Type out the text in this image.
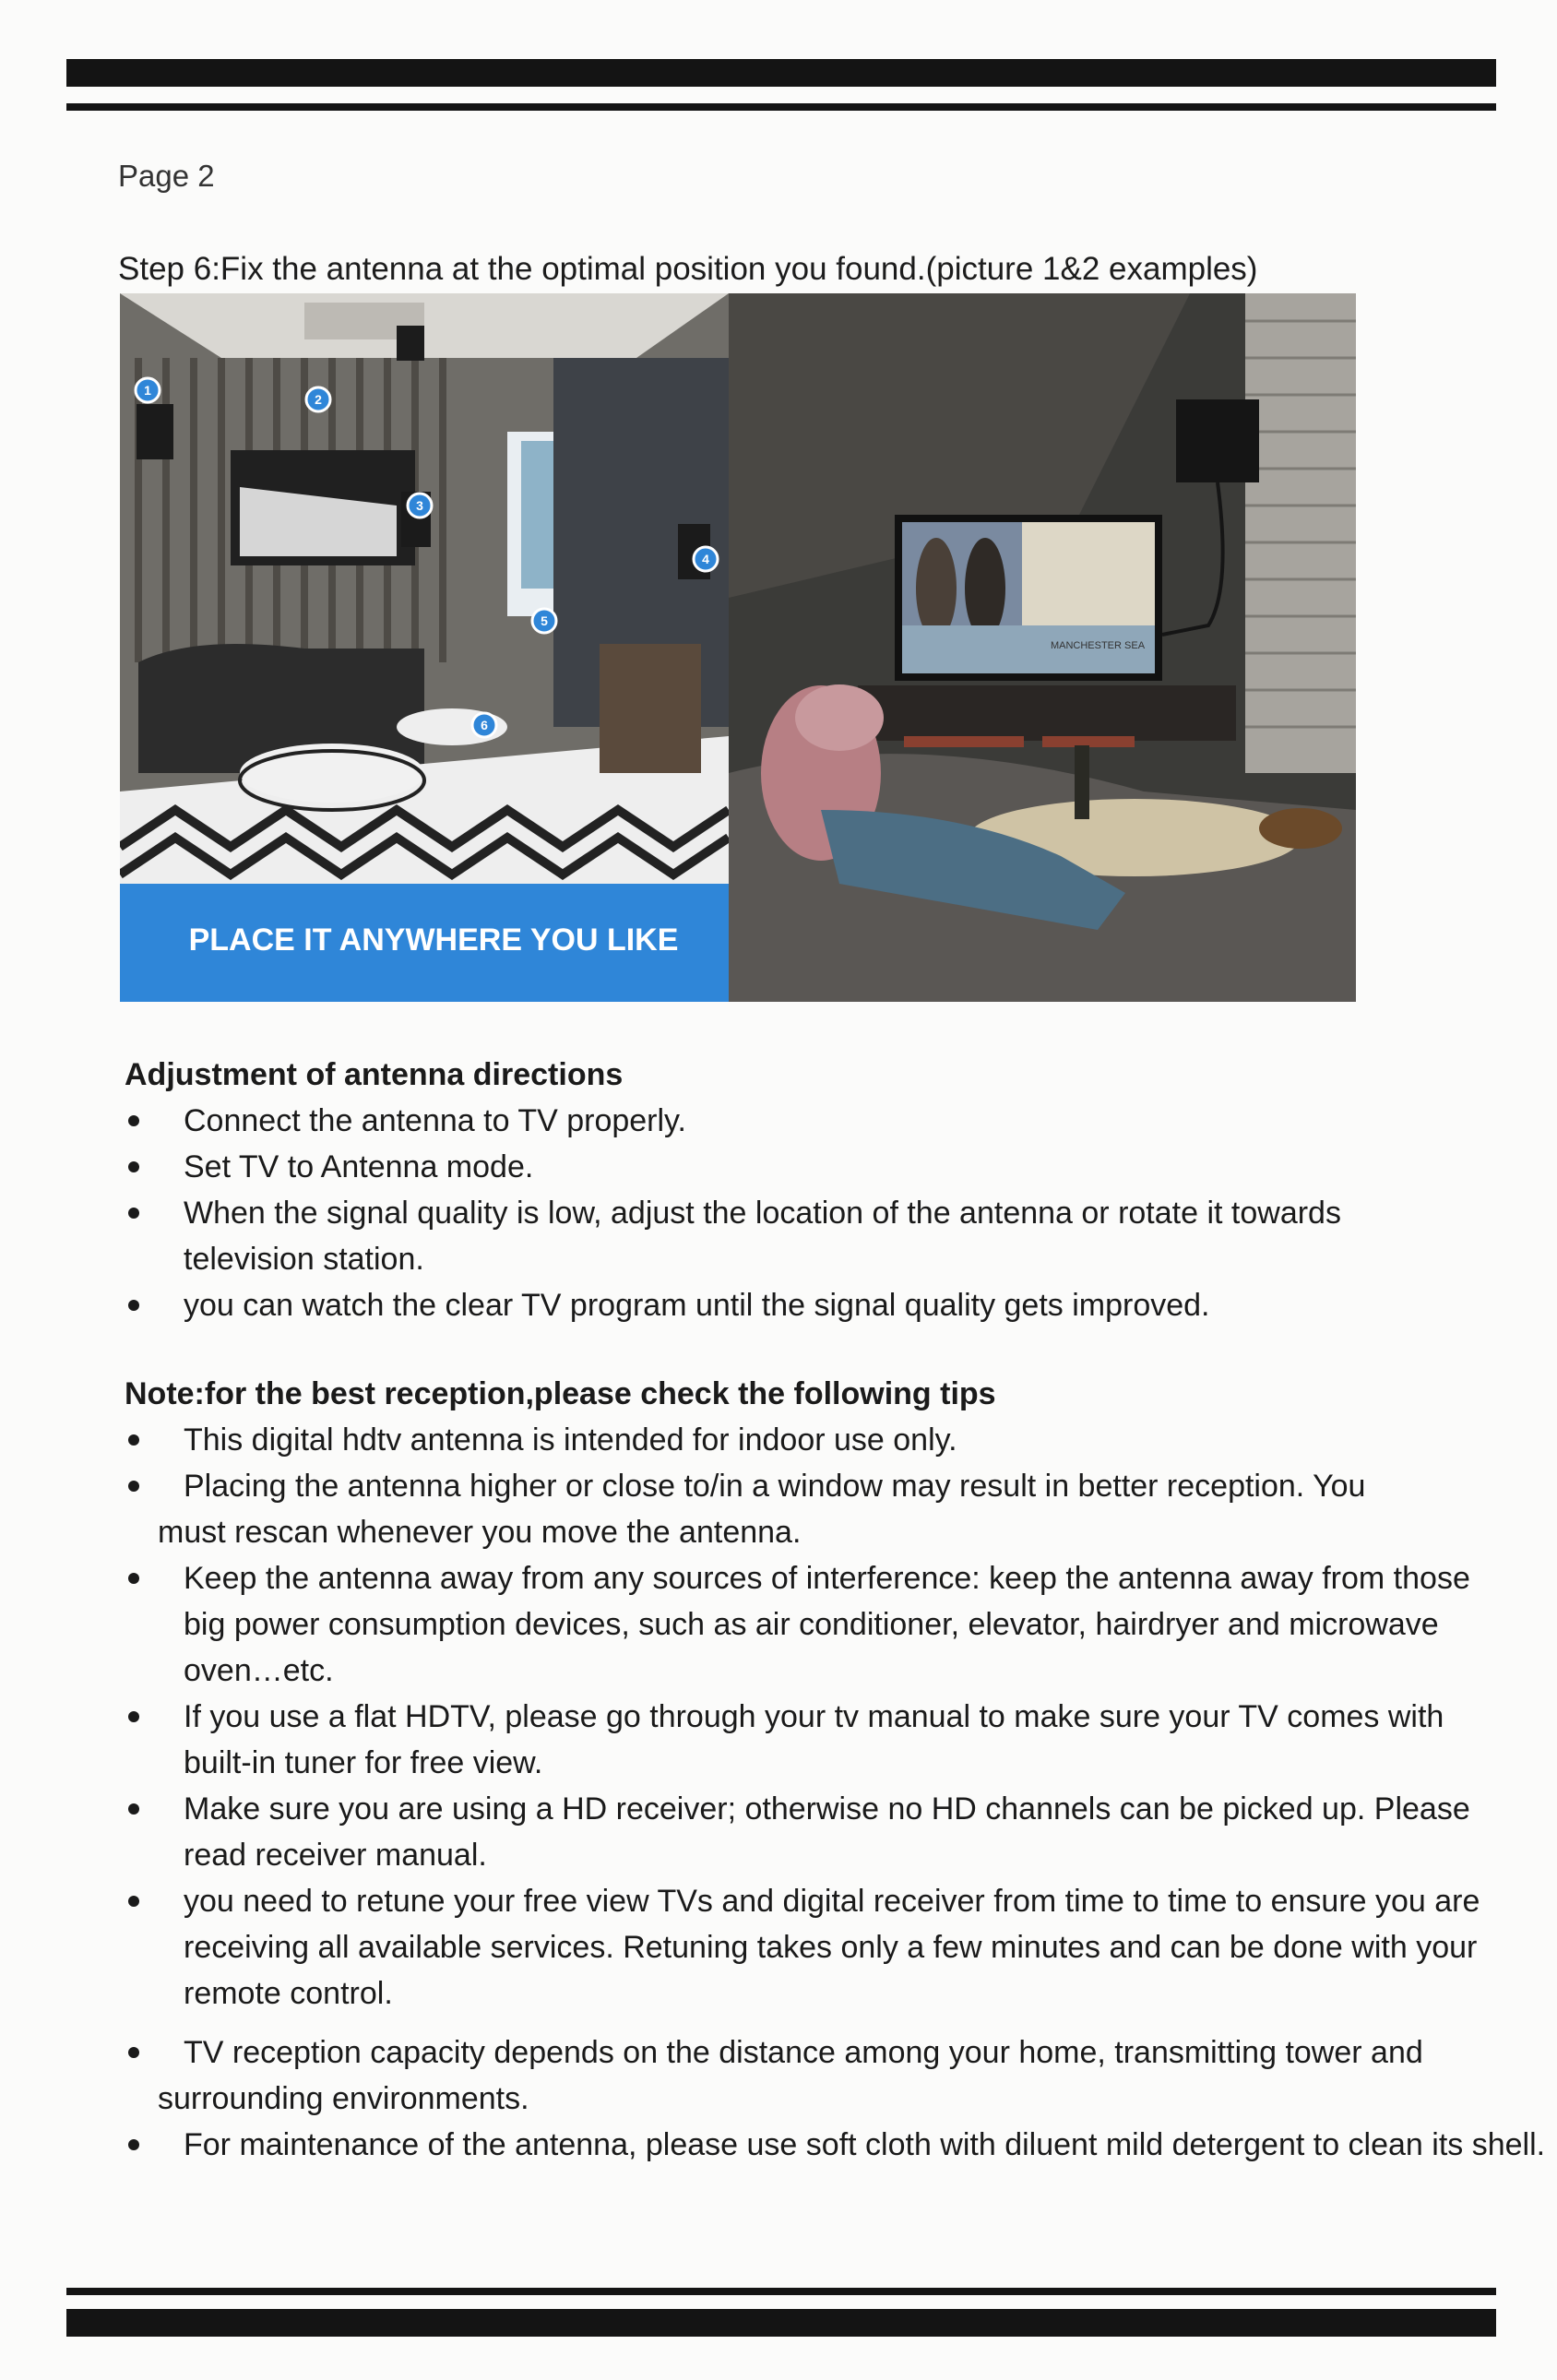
Page 2
Step 6:Fix the antenna at the optimal position you found.(picture 1&2 examples)
1
2
3
4
5
6
PLACE IT ANYWHERE YOU LIKE
MANCHESTER SEA
Adjustment of antenna directions
Connect the antenna to TV properly.
Set TV to Antenna mode.
When the signal quality is low, adjust the location of the antenna or rotate it towards television station.
you can watch the clear TV program until the signal quality gets improved.
Note:for the best reception,please check the following tips
This digital hdtv antenna is intended for indoor use only.
Placing the antenna higher or close to/in a window may result in better reception. You
must rescan whenever you move the antenna.
Keep the antenna away from any sources of interference: keep the antenna away from those big power consumption devices, such as air conditioner, elevator, hairdryer and microwave oven…etc.
If you use a flat HDTV, please go through your tv manual to make sure your TV comes with built-in tuner for free view.
Make sure you are using a HD receiver; otherwise no HD channels can be picked up. Please read receiver manual.
you need to retune your free view TVs and digital receiver from time to time to ensure you are receiving all available services. Retuning takes only a few minutes and can be done with your remote control.
TV reception capacity depends on the distance among your home, transmitting tower and
surrounding environments.
For maintenance of the antenna, please use soft cloth with diluent mild detergent to clean its shell.
